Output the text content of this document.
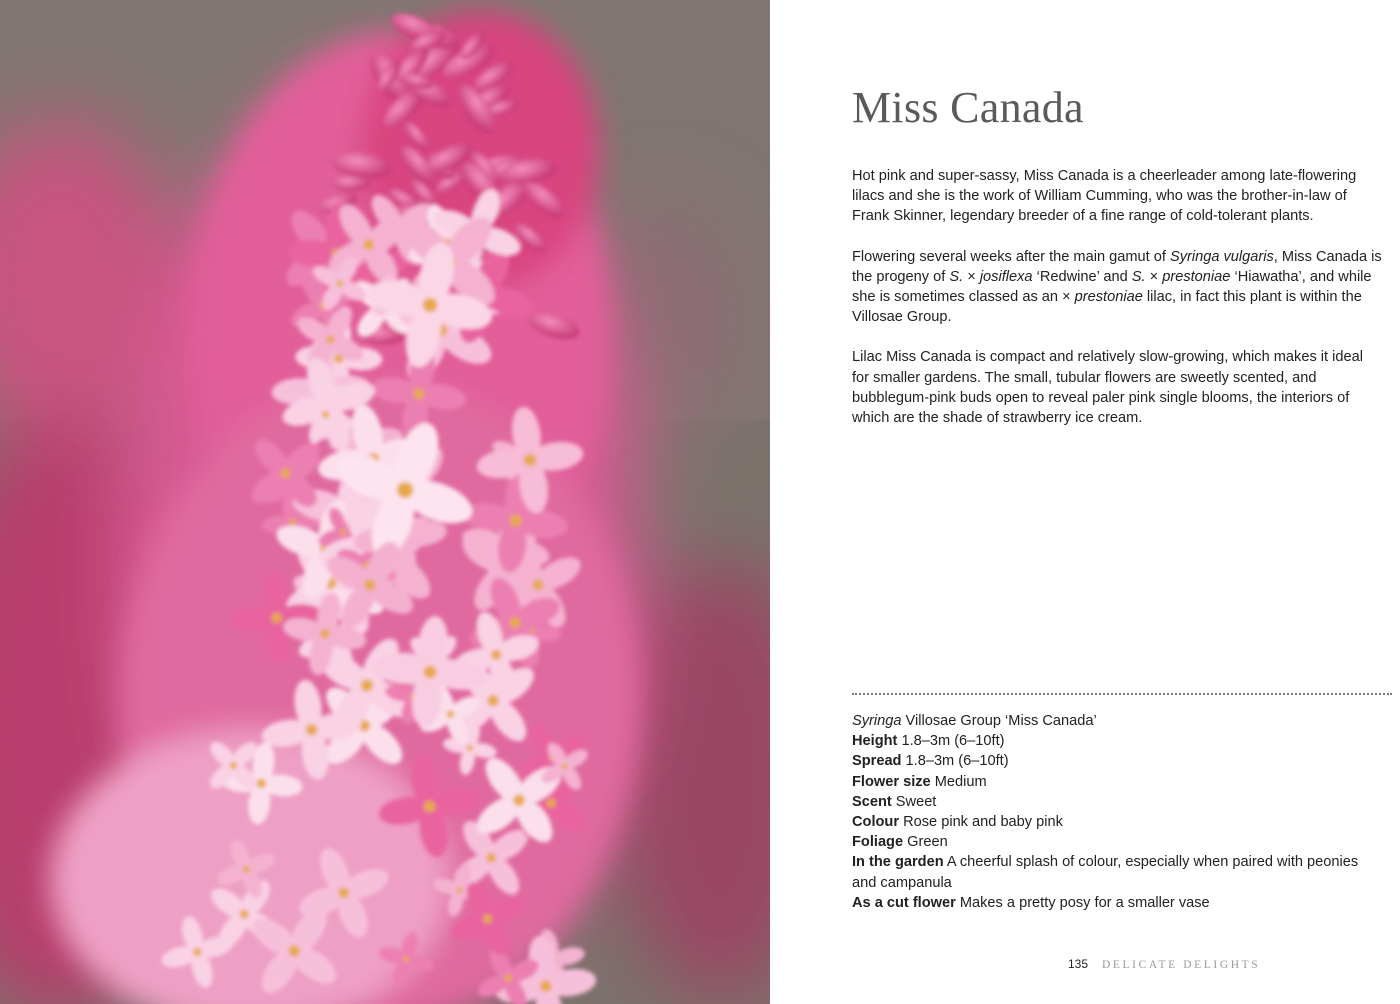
Miss Canada

Hot pink and super-sassy, Miss Canada is a cheerleader among late-flowering lilacs and she is the work of William Cumming, who was the brother-in-law of Frank Skinner, legendary breeder of a fine range of cold-tolerant plants.

Flowering several weeks after the main gamut of Syringa vulgaris, Miss Canada is the progeny of S. × josiflexa ‘Redwine’ and S. × prestoniae ‘Hiawatha’, and while she is sometimes classed as an × prestoniae lilac, in fact this plant is within the Villosae Group.

Lilac Miss Canada is compact and relatively slow-growing, which makes it ideal for smaller gardens. The small, tubular flowers are sweetly scented, and bubblegum-pink buds open to reveal paler pink single blooms, the interiors of which are the shade of strawberry ice cream.

Syringa Villosae Group ‘Miss Canada’

Height 1.8–3m (6–10ft)

Spread 1.8–3m (6–10ft)

Flower size Medium

Scent Sweet

Colour Rose pink and baby pink

Foliage Green

In the garden A cheerful splash of colour, especially when paired with peonies and campanula

As a cut flower Makes a pretty posy for a smaller vase

135 DELICATE DELIGHTS
